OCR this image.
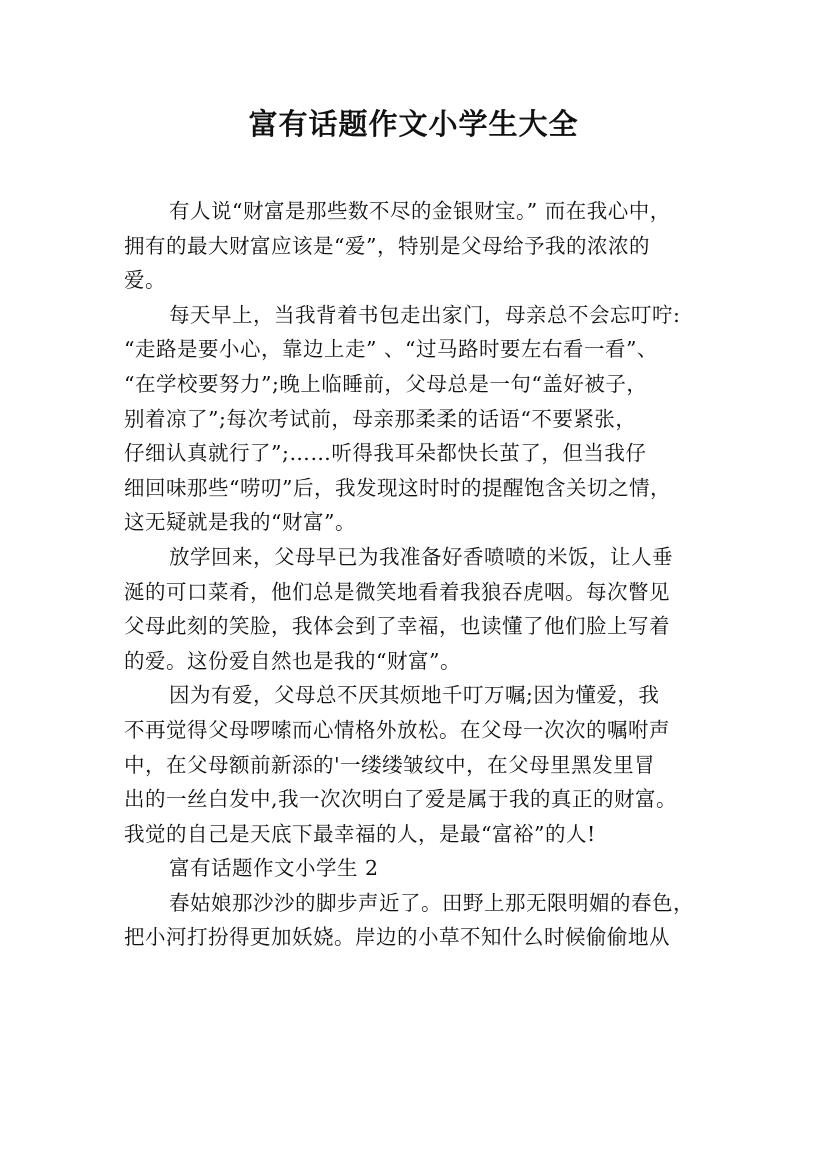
富有话题作文小学生大全
有人说“财富是那些数不尽的金银财宝。” 而在我心中，
拥有的最大财富应该是“爱”，特别是父母给予我的浓浓的
爱。
每天早上，当我背着书包走出家门，母亲总不会忘叮咛:
“走路是要小心，靠边上走” 、“过马路时要左右看一看”、
“在学校要努力”;晚上临睡前，父母总是一句“盖好被子，
别着凉了”;每次考试前，母亲那柔柔的话语“不要紧张，
仔细认真就行了”;……听得我耳朵都快长茧了，但当我仔
细回味那些“唠叨”后，我发现这时时的提醒饱含关切之情，
这无疑就是我的“财富”。
放学回来，父母早已为我准备好香喷喷的米饭，让人垂
涎的可口菜肴，他们总是微笑地看着我狼吞虎咽。每次瞥见
父母此刻的笑脸，我体会到了幸福，也读懂了他们脸上写着
的爱。这份爱自然也是我的“财富”。
因为有爱，父母总不厌其烦地千叮万嘱;因为懂爱，我
不再觉得父母啰嗦而心情格外放松。在父母一次次的嘱咐声
中，在父母额前新添的'一缕缕皱纹中，在父母里黑发里冒
出的一丝白发中,我一次次明白了爱是属于我的真正的财富。
我觉的自己是天底下最幸福的人，是最“富裕”的人!
富有话题作文小学生 2
春姑娘那沙沙的脚步声近了。田野上那无限明媚的春色，
把小河打扮得更加妖娆。岸边的小草不知什么时候偷偷地从
